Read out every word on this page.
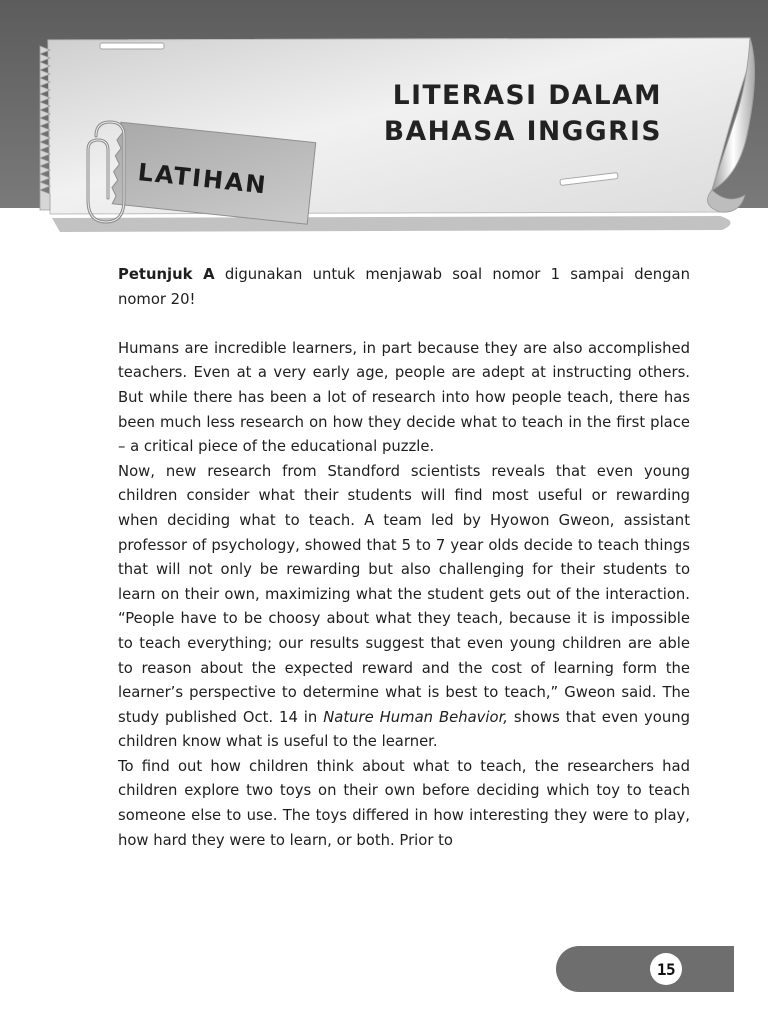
LITERASI DALAM
BAHASA INGGRIS
LATIHAN

Petunjuk A digunakan untuk menjawab soal nomor 1 sampai dengan nomor 20!

Humans are incredible learners, in part because they are also accomplished teachers. Even at a very early age, people are adept at instructing others. But while there has been a lot of research into how people teach, there has been much less research on how they decide what to teach in the first place – a critical piece of the educational puzzle.

Now, new research from Standford scientists reveals that even young children consider what their students will find most useful or rewarding when deciding what to teach. A team led by Hyowon Gweon, assistant professor of psychology, showed that 5 to 7 year olds decide to teach things that will not only be rewarding but also challenging for their students to learn on their own, maximizing what the student gets out of the interaction. “People have to be choosy about what they teach, because it is impossible to teach everything; our results suggest that even young children are able to reason about the expected reward and the cost of learning form the learner’s perspective to determine what is best to teach,” Gweon said. The study published Oct. 14 in Nature Human Behavior, shows that even young children know what is useful to the learner.

To find out how children think about what to teach, the researchers had children explore two toys on their own before deciding which toy to teach someone else to use. The toys differed in how interesting they were to play, how hard they were to learn, or both. Prior to

15
